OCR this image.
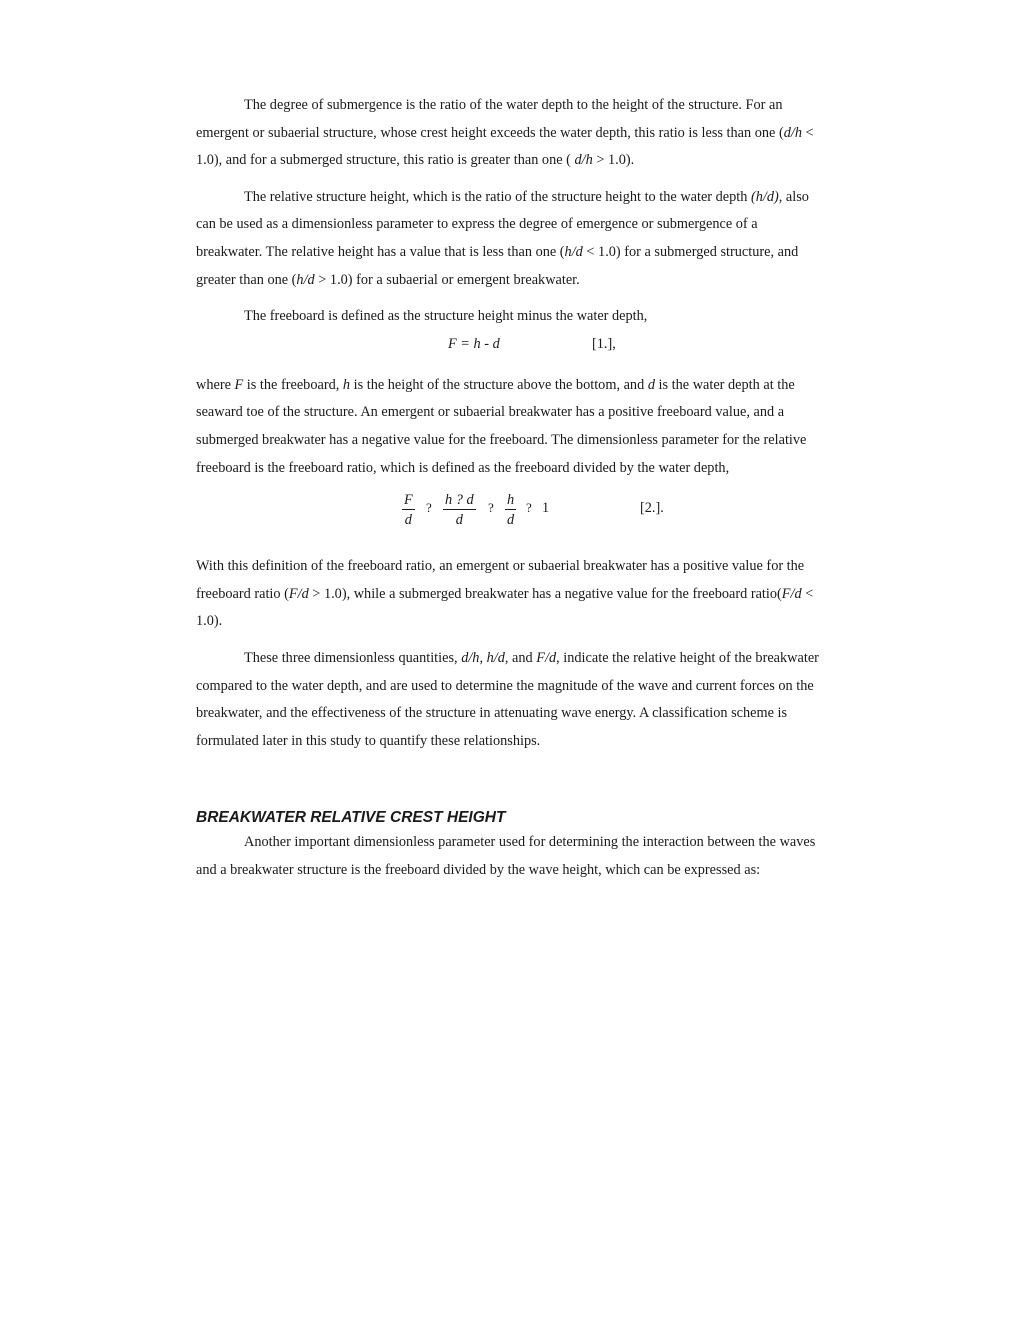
The degree of submergence is the ratio of the water depth to the height of the structure. For an emergent or subaerial structure, whose crest height exceeds the water depth, this ratio is less than one (d/h < 1.0), and for a submerged structure, this ratio is greater than one ( d/h > 1.0).

The relative structure height, which is the ratio of the structure height to the water depth (h/d), also can be used as a dimensionless parameter to express the degree of emergence or submergence of a breakwater. The relative height has a value that is less than one (h/d < 1.0) for a submerged structure, and greater than one (h/d > 1.0) for a subaerial or emergent breakwater.

The freeboard is defined as the structure height minus the water depth,

F = h - d	[1.],

where F is the freeboard, h is the height of the structure above the bottom, and d is the water depth at the seaward toe of the structure. An emergent or subaerial breakwater has a positive freeboard value, and a submerged breakwater has a negative value for the freeboard. The dimensionless parameter for the relative freeboard is the freeboard ratio, which is defined as the freeboard divided by the water depth,

$\frac{F}{d}$ ? $\frac{h ? d}{d}$ ? $\frac{h}{d}$ ? 1	[2.].

With this definition of the freeboard ratio, an emergent or subaerial breakwater has a positive value for the freeboard ratio (F/d > 1.0), while a submerged breakwater has a negative value for the freeboard ratio(F/d < 1.0).

These three dimensionless quantities, d/h, h/d, and F/d, indicate the relative height of the breakwater compared to the water depth, and are used to determine the magnitude of the wave and current forces on the breakwater, and the effectiveness of the structure in attenuating wave energy. A classification scheme is formulated later in this study to quantify these relationships.

BREAKWATER RELATIVE CREST HEIGHT

Another important dimensionless parameter used for determining the interaction between the waves and a breakwater structure is the freeboard divided by the wave height, which can be expressed as:
